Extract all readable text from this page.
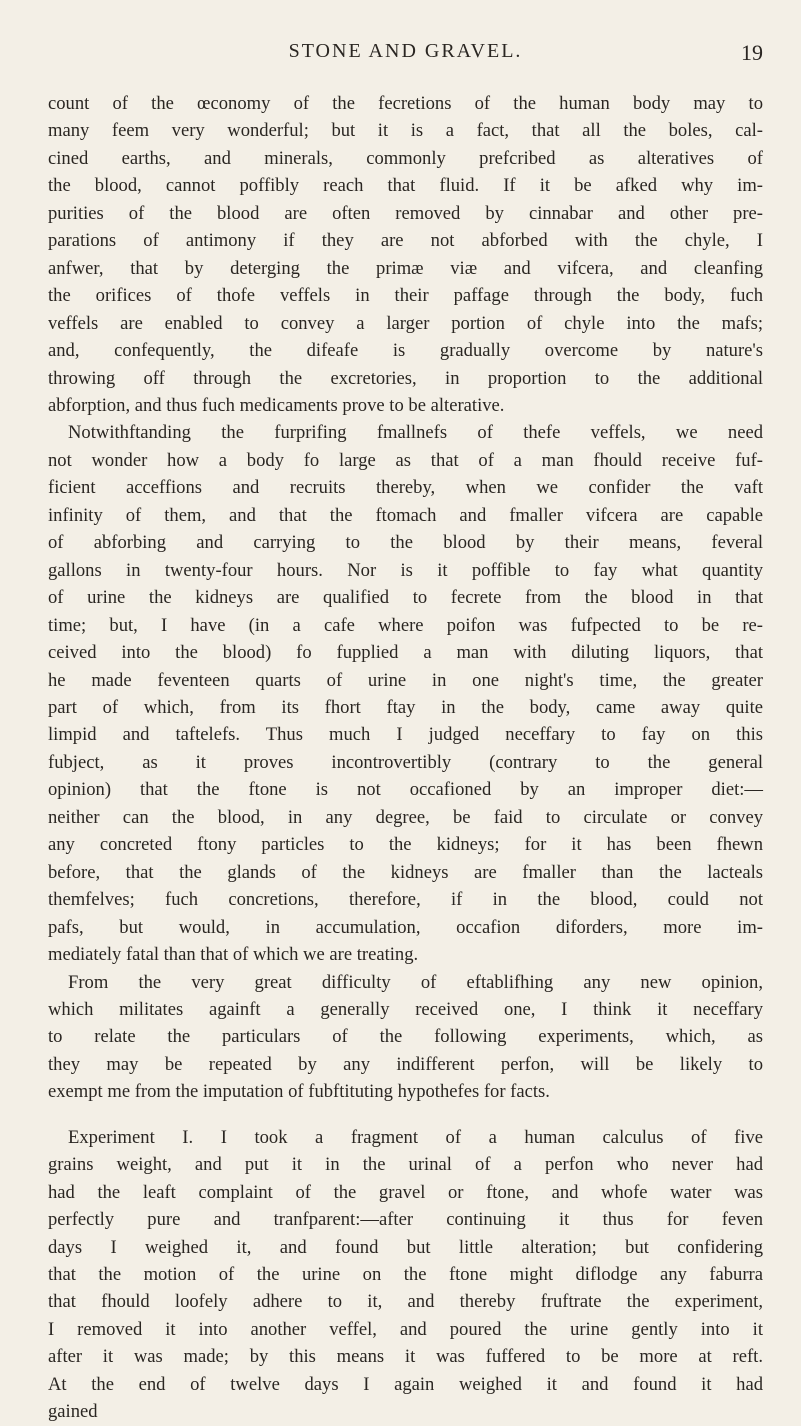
STONE AND GRAVEL.	19

count of the œconomy of the fecretions of the human body may to
many feem very wonderful; but it is a fact, that all the boles, cal-
cined earths, and minerals, commonly prefcribed as alteratives of
the blood, cannot poffibly reach that fluid. If it be afked why im-
purities of the blood are often removed by cinnabar and other pre-
parations of antimony if they are not abforbed with the chyle, I
anfwer, that by deterging the primæ viæ and vifcera, and cleanfing
the orifices of thofe veffels in their paffage through the body, fuch
veffels are enabled to convey a larger portion of chyle into the mafs;
and, confequently, the difeafe is gradually overcome by nature's
throwing off through the excretories, in proportion to the additional
abforption, and thus fuch medicaments prove to be alterative.

Notwithftanding the furprifing fmallnefs of thefe veffels, we need
not wonder how a body fo large as that of a man fhould receive fuf-
ficient acceffions and recruits thereby, when we confider the vaft
infinity of them, and that the ftomach and fmaller vifcera are capable
of abforbing and carrying to the blood by their means, feveral
gallons in twenty-four hours. Nor is it poffible to fay what quantity
of urine the kidneys are qualified to fecrete from the blood in that
time; but, I have (in a cafe where poifon was fufpected to be re-
ceived into the blood) fo fupplied a man with diluting liquors, that
he made feventeen quarts of urine in one night's time, the greater
part of which, from its fhort ftay in the body, came away quite
limpid and taftelefs. Thus much I judged neceffary to fay on this
fubject, as it proves incontrovertibly (contrary to the general
opinion) that the ftone is not occafioned by an improper diet:—
neither can the blood, in any degree, be faid to circulate or convey
any concreted ftony particles to the kidneys; for it has been fhewn
before, that the glands of the kidneys are fmaller than the lacteals
themfelves; fuch concretions, therefore, if in the blood, could not
pafs, but would, in accumulation, occafion diforders, more im-
mediately fatal than that of which we are treating.

From the very great difficulty of eftablifhing any new opinion,
which militates againft a generally received one, I think it neceffary
to relate the particulars of the following experiments, which, as
they may be repeated by any indifferent perfon, will be likely to
exempt me from the imputation of fubftituting hypothefes for facts.

Experiment I. I took a fragment of a human calculus of five
grains weight, and put it in the urinal of a perfon who never had
had the leaft complaint of the gravel or ftone, and whofe water was
perfectly pure and tranfparent:—after continuing it thus for feven
days I weighed it, and found but little alteration; but confidering
that the motion of the urine on the ftone might diflodge any faburra
that fhould loofely adhere to it, and thereby fruftrate the experiment,
I removed it into another veffel, and poured the urine gently into it
after it was made; by this means it was fuffered to be more at reft.
At the end of twelve days I again weighed it and found it had
gained
